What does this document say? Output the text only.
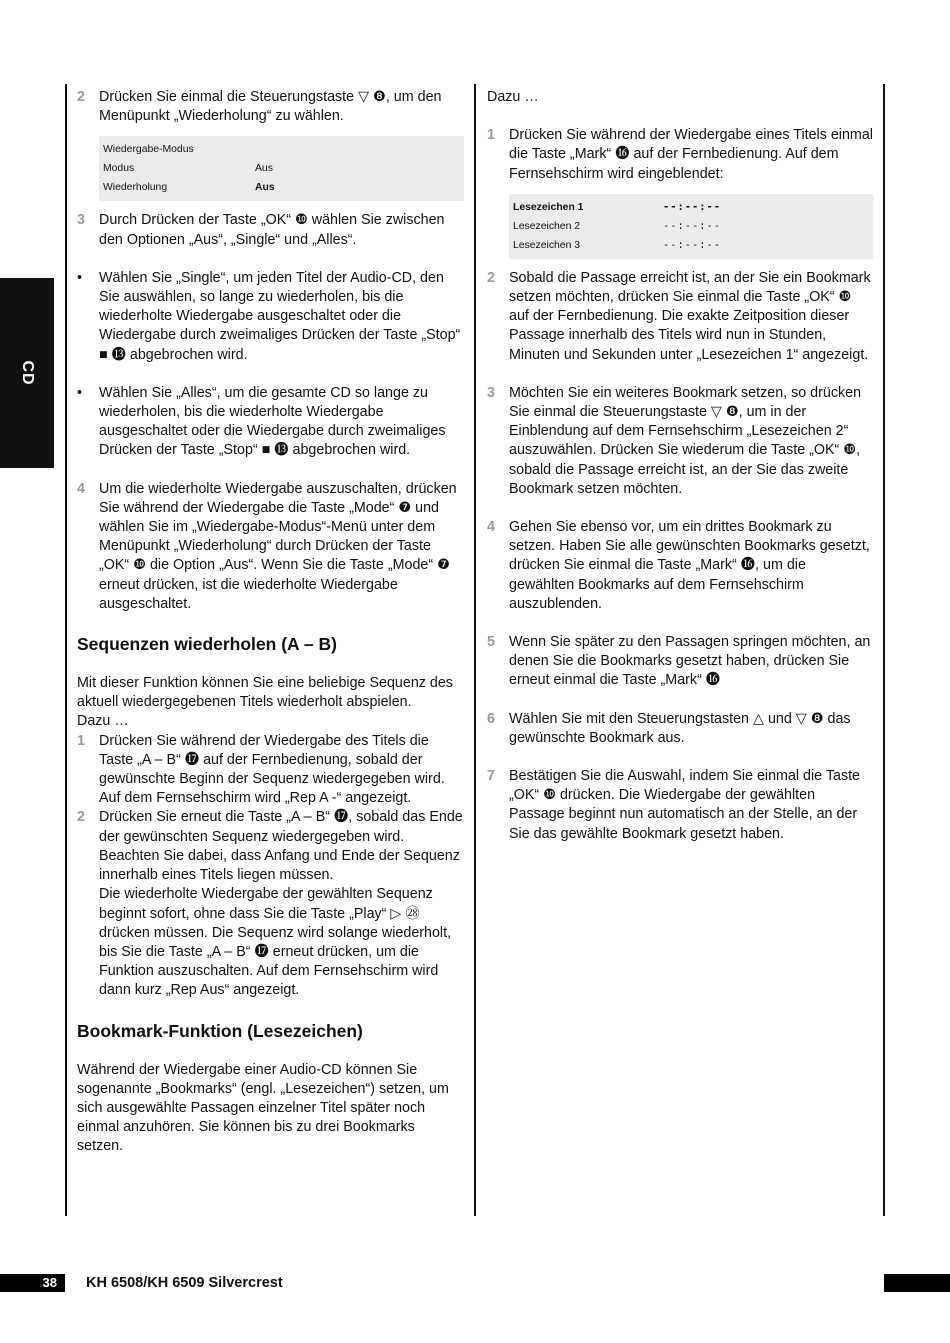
CD
2 Drücken Sie einmal die Steuerungstaste ▽ ❽, um den Menüpunkt „Wiederholung“ zu wählen.

Wiedergabe-Modus
Modus	Aus
Wiederholung	Aus
3 Durch Drücken der Taste „OK“ ❿ wählen Sie zwischen den Optionen „Aus“, „Single“ und „Alles“.

• Wählen Sie „Single“, um jeden Titel der Audio-CD, den Sie auswählen, so lange zu wiederholen, bis die wiederholte Wiedergabe ausgeschaltet oder die Wiedergabe durch zweimaliges Drücken der Taste „Stop“ ■ ⓭ abgebrochen wird.

• Wählen Sie „Alles“, um die gesamte CD so lange zu wiederholen, bis die wiederholte Wiedergabe ausgeschaltet oder die Wiedergabe durch zweimaliges Drücken der Taste „Stop“ ■ ⓭ abgebrochen wird.

4 Um die wiederholte Wiedergabe auszuschalten, drücken Sie während der Wiedergabe die Taste „Mode“ ❼ und wählen Sie im „Wiedergabe-Modus“-Menü unter dem Menüpunkt „Wiederholung“ durch Drücken der Taste „OK“ ❿ die Option „Aus“. Wenn Sie die Taste „Mode“ ❼ erneut drücken, ist die wiederholte Wiedergabe ausgeschaltet.

Sequenzen wiederholen (A – B)

Mit dieser Funktion können Sie eine beliebige Sequenz des aktuell wiedergegebenen Titels wiederholt abspielen.

Dazu …

1 Drücken Sie während der Wiedergabe des Titels die Taste „A – B“ ⓱ auf der Fernbedienung, sobald der gewünschte Beginn der Sequenz wiedergegeben wird. Auf dem Fernsehschirm wird „Rep A -“ angezeigt.

2 Drücken Sie erneut die Taste „A – B“ ⓱, sobald das Ende der gewünschten Sequenz wiedergegeben wird. Beachten Sie dabei, dass Anfang und Ende der Sequenz innerhalb eines Titels liegen müssen.

Die wiederholte Wiedergabe der gewählten Sequenz beginnt sofort, ohne dass Sie die Taste „Play“ ▷ ㉘ drücken müssen. Die Sequenz wird solange wiederholt, bis Sie die Taste „A – B“ ⓱ erneut drücken, um die Funktion auszuschalten. Auf dem Fernsehschirm wird dann kurz „Rep Aus“ angezeigt.

Bookmark-Funktion (Lesezeichen)

Während der Wiedergabe einer Audio-CD können Sie sogenannte „Bookmarks“ (engl. „Lesezeichen“) setzen, um sich ausgewählte Passagen einzelner Titel später noch einmal anzuhören. Sie können bis zu drei Bookmarks setzen.

Dazu …

1 Drücken Sie während der Wiedergabe eines Titels einmal die Taste „Mark“ ⓰ auf der Fernbedienung. Auf dem Fernsehschirm wird eingeblendet:

Lesezeichen 1	--:--:--
Lesezeichen 2	--:--:--
Lesezeichen 3	--:--:--
2 Sobald die Passage erreicht ist, an der Sie ein Bookmark setzen möchten, drücken Sie einmal die Taste „OK“ ❿ auf der Fernbedienung. Die exakte Zeitposition dieser Passage innerhalb des Titels wird nun in Stunden, Minuten und Sekunden unter „Lesezeichen 1“ angezeigt.

3 Möchten Sie ein weiteres Bookmark setzen, so drücken Sie einmal die Steuerungstaste ▽ ❽, um in der Einblendung auf dem Fernsehschirm „Lesezeichen 2“ auszuwählen. Drücken Sie wiederum die Taste „OK“ ❿, sobald die Passage erreicht ist, an der Sie das zweite Bookmark setzen möchten.

4 Gehen Sie ebenso vor, um ein drittes Bookmark zu setzen. Haben Sie alle gewünschten Bookmarks gesetzt, drücken Sie einmal die Taste „Mark“ ⓰, um die gewählten Bookmarks auf dem Fernsehschirm auszublenden.

5 Wenn Sie später zu den Passagen springen möchten, an denen Sie die Bookmarks gesetzt haben, drücken Sie erneut einmal die Taste „Mark“ ⓰

6 Wählen Sie mit den Steuerungstasten △ und ▽ ❽ das gewünschte Bookmark aus.

7 Bestätigen Sie die Auswahl, indem Sie einmal die Taste „OK“ ❿ drücken. Die Wiedergabe der gewählten Passage beginnt nun automatisch an der Stelle, an der Sie das gewählte Bookmark gesetzt haben.

38	KH 6508/KH 6509 Silvercrest
